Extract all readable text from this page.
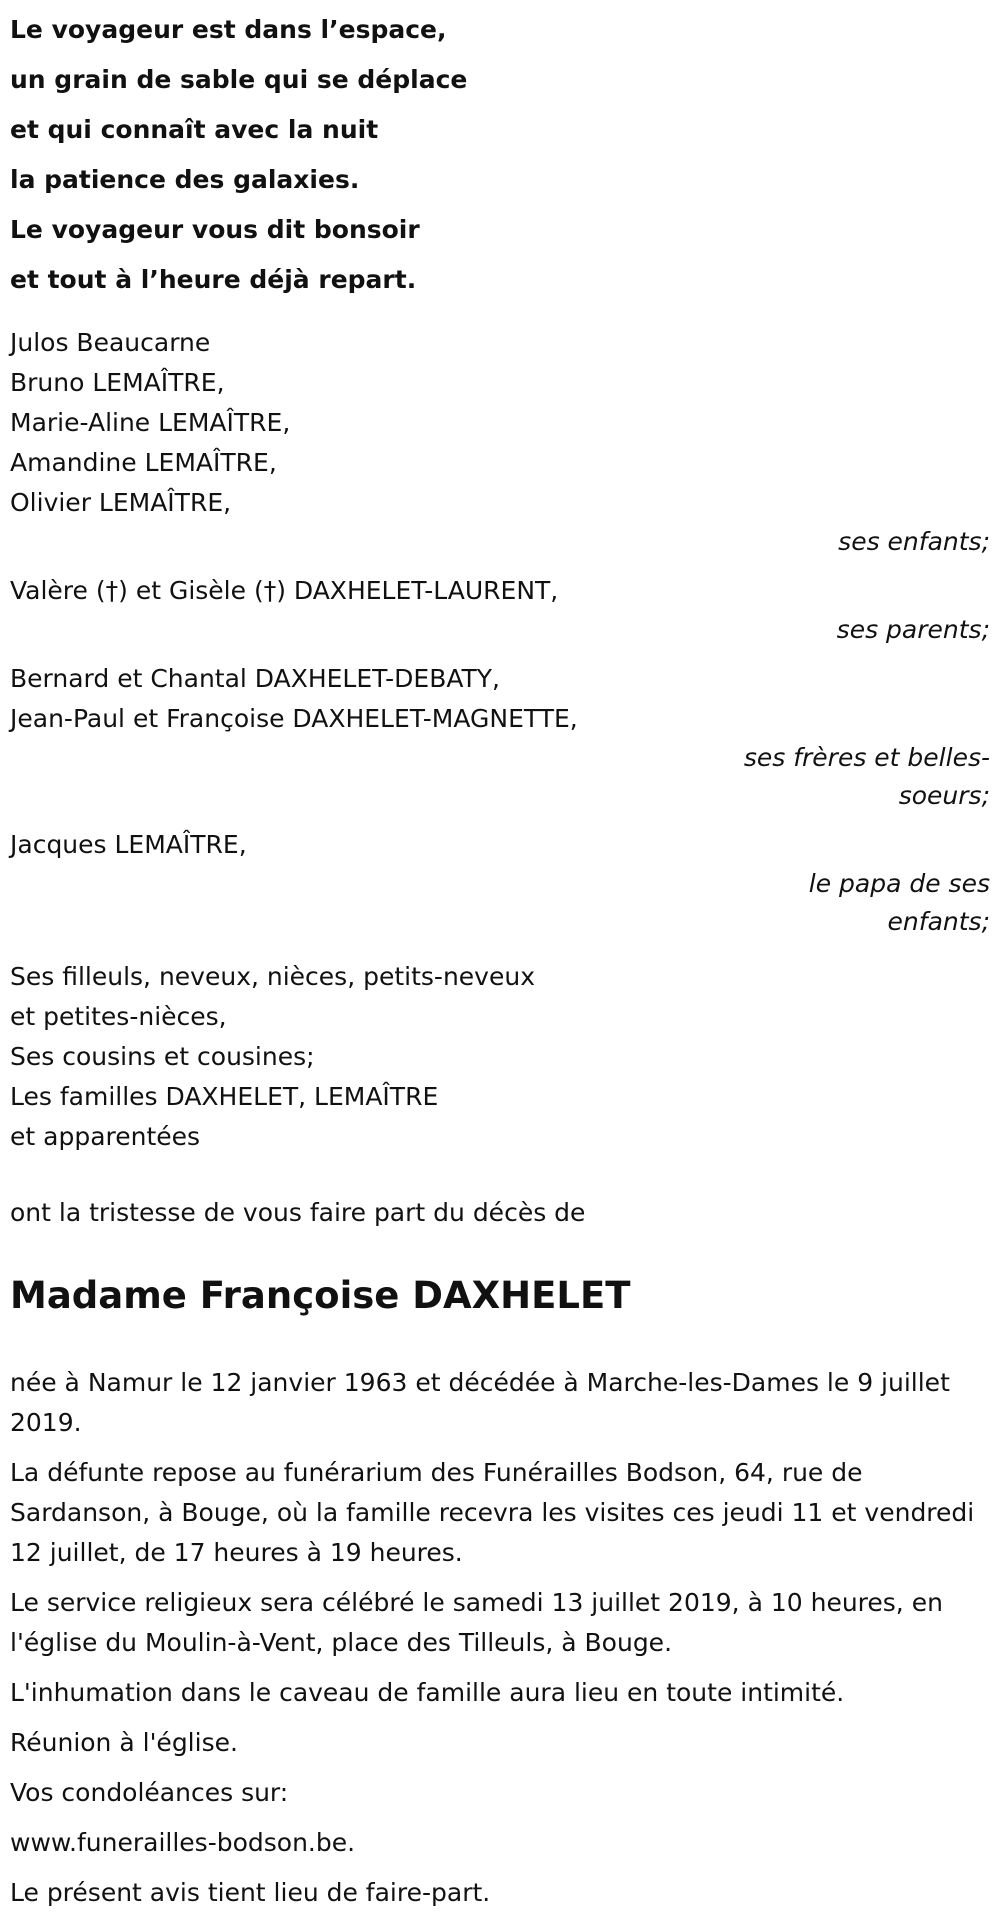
Le voyageur est dans l’espace,
un grain de sable qui se déplace
et qui connaît avec la nuit
la patience des galaxies.
Le voyageur vous dit bonsoir
et tout à l’heure déjà repart.
Julos Beaucarne
Bruno LEMAÎTRE,
Marie-Aline LEMAÎTRE,
Amandine LEMAÎTRE,
Olivier LEMAÎTRE,
ses enfants;
Valère (†) et Gisèle (†) DAXHELET-LAURENT,
ses parents;
Bernard et Chantal DAXHELET-DEBATY,
Jean-Paul et Françoise DAXHELET-MAGNETTE,
ses frères et belles-soeurs;
Jacques LEMAÎTRE,
le papa de ses enfants;
Ses filleuls, neveux, nièces, petits-neveux
et petites-nièces,
Ses cousins et cousines;
Les familles DAXHELET, LEMAÎTRE
et apparentées
ont la tristesse de vous faire part du décès de
Madame Françoise DAXHELET

née à Namur le 12 janvier 1963 et décédée à Marche-les-Dames le 9 juillet 2019.

La défunte repose au funérarium des Funérailles Bodson, 64, rue de Sardanson, à Bouge, où la famille recevra les visites ces jeudi 11 et vendredi 12 juillet, de 17 heures à 19 heures.

Le service religieux sera célébré le samedi 13 juillet 2019, à 10 heures, en l'église du Moulin-à-Vent, place des Tilleuls, à Bouge.

L'inhumation dans le caveau de famille aura lieu en toute intimité.

Réunion à l'église.

Vos condoléances sur:

www.funerailles-bodson.be.

Le présent avis tient lieu de faire-part.
